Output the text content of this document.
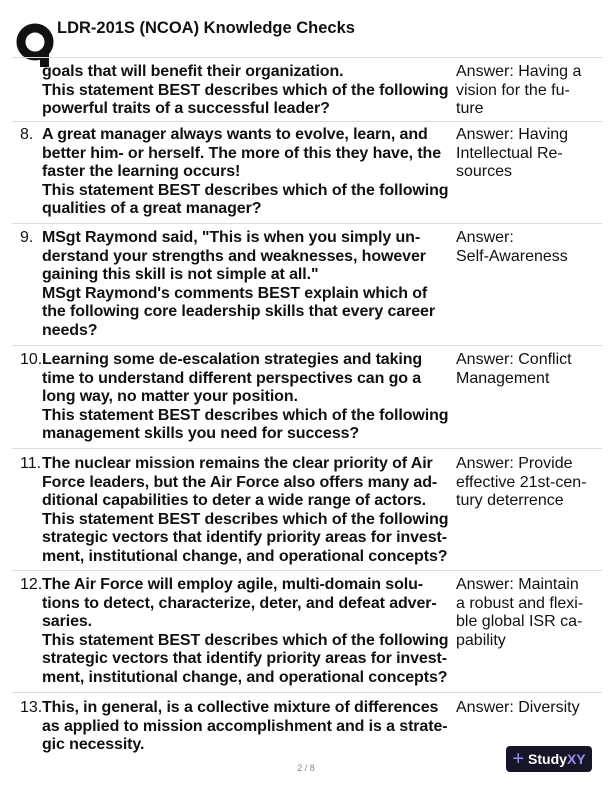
LDR-201S (NCOA) Knowledge Checks
goals that will benefit their organization.
This statement BEST describes which of the following
powerful traits of a successful leader?
Answer: Having a
vision for the fu-
ture
8. A great manager always wants to evolve, learn, and
better him- or herself. The more of this they have, the
faster the learning occurs!
This statement BEST describes which of the following
qualities of a great manager?
Answer: Having
Intellectual Re-
sources
9. MSgt Raymond said, "This is when you simply un-
derstand your strengths and weaknesses, however
gaining this skill is not simple at all."
MSgt Raymond's comments BEST explain which of
the following core leadership skills that every career
needs?
Answer:
Self-Awareness
10. Learning some de-escalation strategies and taking
time to understand different perspectives can go a
long way, no matter your position.
This statement BEST describes which of the following
management skills you need for success?
Answer: Conflict
Management
11. The nuclear mission remains the clear priority of Air
Force leaders, but the Air Force also offers many ad-
ditional capabilities to deter a wide range of actors.
This statement BEST describes which of the following
strategic vectors that identify priority areas for invest-
ment, institutional change, and operational concepts?
Answer: Provide
effective 21st-cen-
tury deterrence
12. The Air Force will employ agile, multi-domain solu-
tions to detect, characterize, deter, and defeat adver-
saries.
This statement BEST describes which of the following
strategic vectors that identify priority areas for invest-
ment, institutional change, and operational concepts?
Answer: Maintain
a robust and flexi-
ble global ISR ca-
pability
13. This, in general, is a collective mixture of differences
as applied to mission accomplishment and is a strate-
gic necessity.
Answer: Diversity
2 / 8	+ StudyXY
